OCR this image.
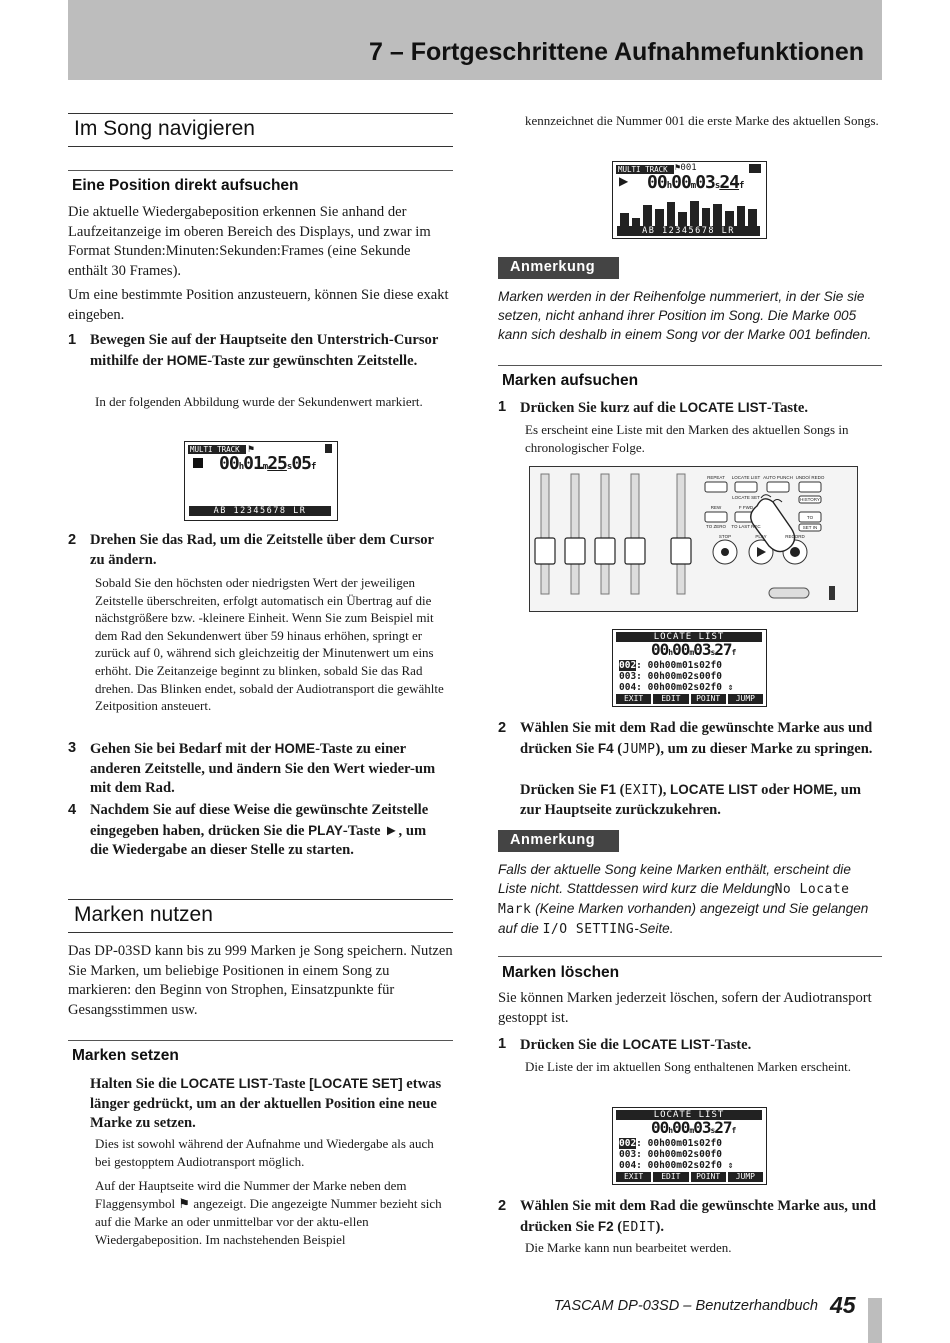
7 – Fortgeschrittene Aufnahmefunktionen
Im Song navigieren
Eine Position direkt aufsuchen

Die aktuelle Wiedergabeposition erkennen Sie anhand der Laufzeitanzeige im oberen Bereich des Displays, und zwar im Format Stunden:Minuten:Sekunden:Frames (eine Sekunde enthält 30 Frames).

Um eine bestimmte Position anzusteuern, können Sie diese exakt eingeben.

1 Bewegen Sie auf der Hauptseite den Unterstrich-Cursor mithilfe der HOME-Taste zur gewünschten Zeitstelle.

In der folgenden Abbildung wurde der Sekundenwert markiert.

MULTI TRACK ⚑
00h01m25s05f
AB 12345678 LR

2 Drehen Sie das Rad, um die Zeitstelle über dem Cursor zu ändern.

Sobald Sie den höchsten oder niedrigsten Wert der jeweiligen Zeitstelle überschreiten, erfolgt automatisch ein Übertrag auf die nächstgrößere bzw. -kleinere Einheit. Wenn Sie zum Beispiel mit dem Rad den Sekundenwert über 59 hinaus erhöhen, springt er zurück auf 0, während sich gleichzeitig der Minutenwert um eins erhöht. Die Zeitanzeige beginnt zu blinken, sobald Sie das Rad drehen. Das Blinken endet, sobald der Audiotransport die gewählte Zeitposition ansteuert.

3 Gehen Sie bei Bedarf mit der HOME-Taste zu einer anderen Zeitstelle, und ändern Sie den Wert wieder-um mit dem Rad.

4 Nachdem Sie auf diese Weise die gewünschte Zeitstelle eingegeben haben, drücken Sie die PLAY-Taste ►, um die Wiedergabe an dieser Stelle zu starten.

Marken nutzen

Das DP-03SD kann bis zu 999 Marken je Song speichern. Nutzen Sie Marken, um beliebige Positionen in einem Song zu markieren: den Beginn von Strophen, Einsatzpunkte für Gesangsstimmen usw.

Marken setzen

Halten Sie die LOCATE LIST-Taste [LOCATE SET] etwas länger gedrückt, um an der aktuellen Position eine neue Marke zu setzen.

Dies ist sowohl während der Aufnahme und Wiedergabe als auch bei gestopptem Audiotransport möglich.

Auf der Hauptseite wird die Nummer der Marke neben dem Flaggensymbol ⚑ angezeigt. Die angezeigte Nummer bezieht sich auf die Marke an oder unmittelbar vor der aktu-ellen Wiedergabeposition. Im nachstehenden Beispiel

kennzeichnet die Nummer 001 die erste Marke des aktuellen Songs.

MULTI TRACK ⚑001
▶ 00h00m03s24f
AB 12345678 LR
Anmerkung

Marken werden in der Reihenfolge nummeriert, in der Sie sie setzen, nicht anhand ihrer Position im Song. Die Marke 005 kann sich deshalb in einem Song vor der Marke 001 befinden.

Marken aufsuchen

1 Drücken Sie kurz auf die LOCATE LIST-Taste.

Es erscheint eine Liste mit den Marken des aktuellen Songs in chronologischer Folge.

REPEAT LOCATE LIST AUTO PUNCH UNDO/ REDO
HISTORY
REW	F FWD
TO
TO ZERO TO LAST REC	SET IN
STOP	PLAY	RECORD
LOCATE SET
LOCATE LIST
00h00m03s27f
002: 00h00m01s02f0
003: 00h00m02s00f0
004: 00h00m02s02f0 ⇕
EXIT	EDIT	POINT	JUMP

2 Wählen Sie mit dem Rad die gewünschte Marke aus und drücken Sie F4 (JUMP), um zu dieser Marke zu springen.

Drücken Sie F1 (EXIT), LOCATE LIST oder HOME, um zur Hauptseite zurückzukehren.

Anmerkung

Falls der aktuelle Song keine Marken enthält, erscheint die Liste nicht. Stattdessen wird kurz die MeldungNo Locate Mark (Keine Marken vorhanden) angezeigt und Sie gelangen auf die I/O SETTING-Seite.

Marken löschen

Sie können Marken jederzeit löschen, sofern der Audiotransport gestoppt ist.

1 Drücken Sie die LOCATE LIST-Taste.

Die Liste der im aktuellen Song enthaltenen Marken erscheint.

LOCATE LIST
00h00m03s27f
002: 00h00m01s02f0
003: 00h00m02s00f0
004: 00h00m02s02f0 ⇕
EXIT	EDIT	POINT	JUMP

2 Wählen Sie mit dem Rad die gewünschte Marke aus, und drücken Sie F2 (EDIT).

Die Marke kann nun bearbeitet werden.

TASCAM DP-03SD – Benutzerhandbuch 45
